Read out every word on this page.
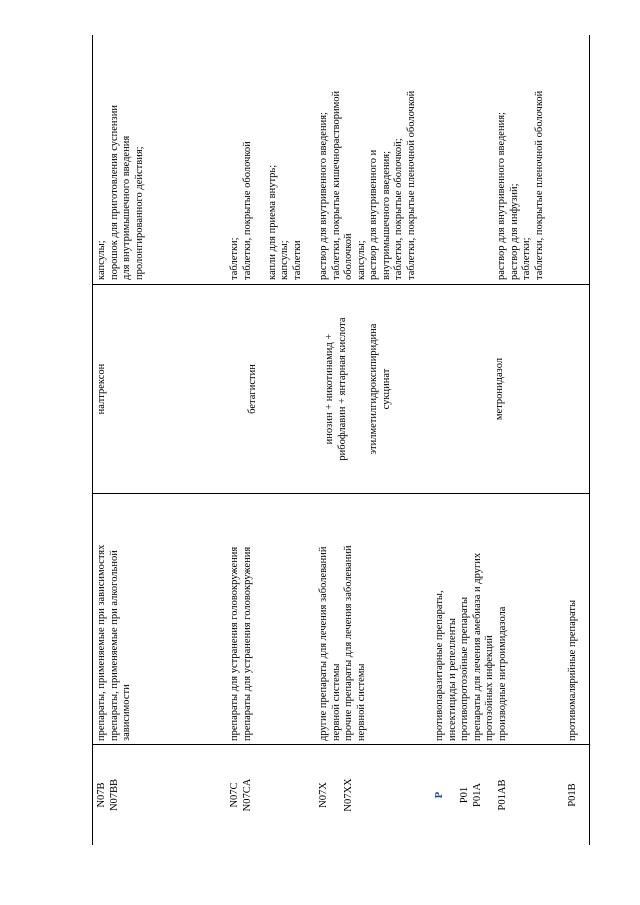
N07B
N07BB
препараты, применяемые при зависимостях
препараты, применяемые при алкогольной
зависимости
налтрексон
капсулы;
порошок для приготовления суспензии
для внутримышечного введения
пролонгированного действия;
N07C
N07CA
препараты для устранения головокружения
препараты для устранения головокружения
бетагистин
таблетки;
таблетки, покрытые оболочкой

капли для приема внутрь;
капсулы;
таблетки
N07X

N07XX
другие препараты для лечения заболеваний
нервной системы
прочие препараты для лечения заболеваний
нервной системы
инозин + никотинамид +
рибофлавин + янтарная кислота этилметилгидроксипиридина
сукцинат
раствор для внутривенного введения;
таблетки, покрытые кишечнорастворимой
оболочкой
капсулы;
раствор для внутривенного и
внутримышечного введения;
таблетки, покрытые оболочкой;
таблетки, покрытые пленочной оболочкой
P P01
P01A

P01AB
противопаразитарные препараты,
инсектициды и репелленты
противопротозойные препараты
препараты для лечения амебиаза и других
протозойных инфекций
производные нитроимидазола
метронидазол
раствор для внутривенного введения;
раствор для инфузий;
таблетки;
таблетки, покрытые пленочной оболочкой
P01B
противомалярийные препараты
